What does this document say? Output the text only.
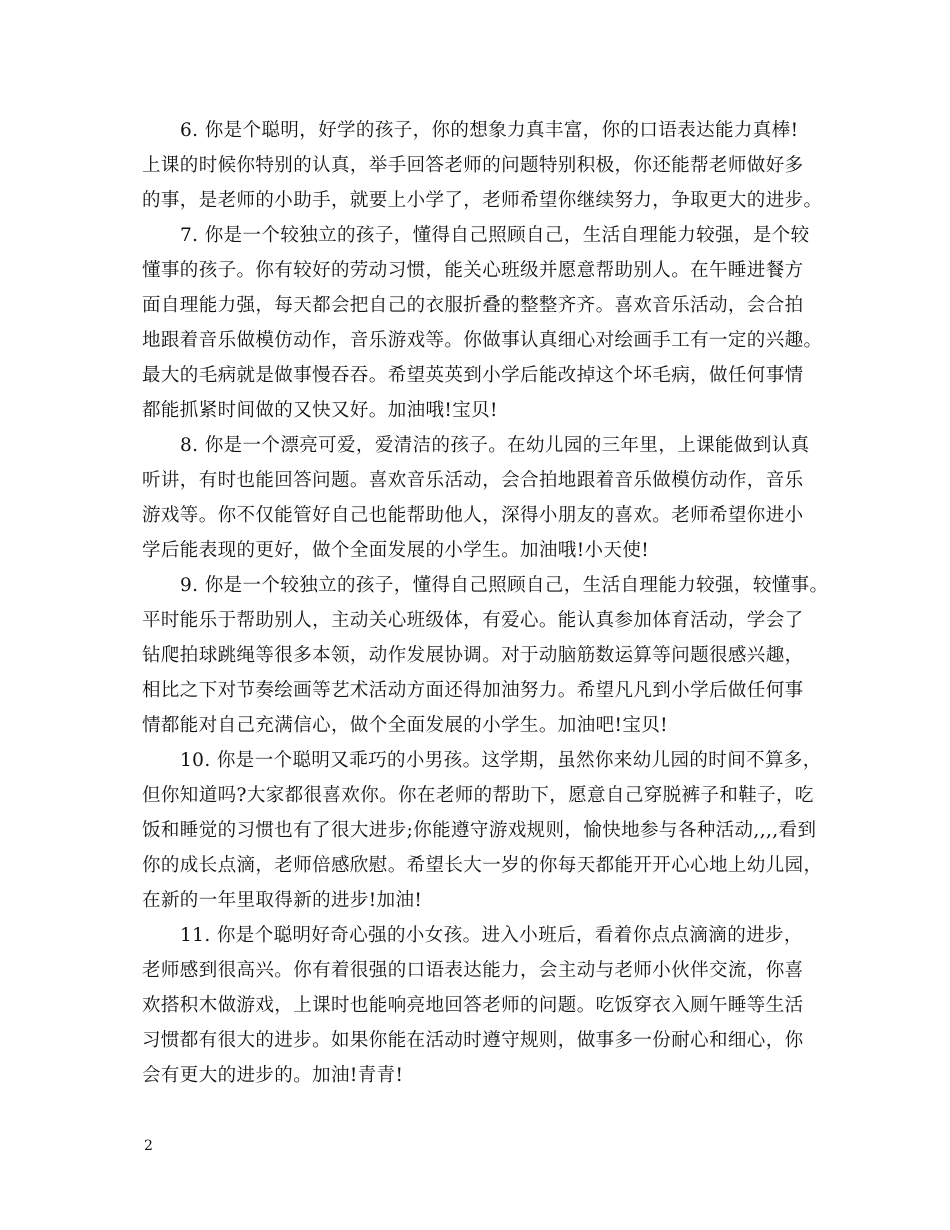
6. 你是个聪明，好学的孩子，你的想象力真丰富，你的口语表达能力真棒!
上课的时候你特别的认真，举手回答老师的问题特别积极，你还能帮老师做好多
的事，是老师的小助手，就要上小学了，老师希望你继续努力，争取更大的进步。
7. 你是一个较独立的孩子，懂得自己照顾自己，生活自理能力较强，是个较
懂事的孩子。你有较好的劳动习惯，能关心班级并愿意帮助别人。在午睡进餐方
面自理能力强，每天都会把自己的衣服折叠的整整齐齐。喜欢音乐活动，会合拍
地跟着音乐做模仿动作，音乐游戏等。你做事认真细心对绘画手工有一定的兴趣。
最大的毛病就是做事慢吞吞。希望英英到小学后能改掉这个坏毛病，做任何事情
都能抓紧时间做的又快又好。加油哦!宝贝!
8. 你是一个漂亮可爱，爱清洁的孩子。在幼儿园的三年里，上课能做到认真
听讲，有时也能回答问题。喜欢音乐活动，会合拍地跟着音乐做模仿动作，音乐
游戏等。你不仅能管好自己也能帮助他人，深得小朋友的喜欢。老师希望你进小
学后能表现的更好，做个全面发展的小学生。加油哦!小天使!
9. 你是一个较独立的孩子，懂得自己照顾自己，生活自理能力较强，较懂事。
平时能乐于帮助别人，主动关心班级体，有爱心。能认真参加体育活动，学会了
钻爬拍球跳绳等很多本领，动作发展协调。对于动脑筋数运算等问题很感兴趣，
相比之下对节奏绘画等艺术活动方面还得加油努力。希望凡凡到小学后做任何事
情都能对自己充满信心，做个全面发展的小学生。加油吧!宝贝!
10. 你是一个聪明又乖巧的小男孩。这学期，虽然你来幼儿园的时间不算多，
但你知道吗?大家都很喜欢你。你在老师的帮助下，愿意自己穿脱裤子和鞋子，吃
饭和睡觉的习惯也有了很大进步;你能遵守游戏规则，愉快地参与各种活动,,,,看到
你的成长点滴，老师倍感欣慰。希望长大一岁的你每天都能开开心心地上幼儿园，
在新的一年里取得新的进步!加油!
11. 你是个聪明好奇心强的小女孩。进入小班后，看着你点点滴滴的进步，
老师感到很高兴。你有着很强的口语表达能力，会主动与老师小伙伴交流，你喜
欢搭积木做游戏，上课时也能响亮地回答老师的问题。吃饭穿衣入厕午睡等生活
习惯都有很大的进步。如果你能在活动时遵守规则，做事多一份耐心和细心，你
会有更大的进步的。加油!青青!
2
